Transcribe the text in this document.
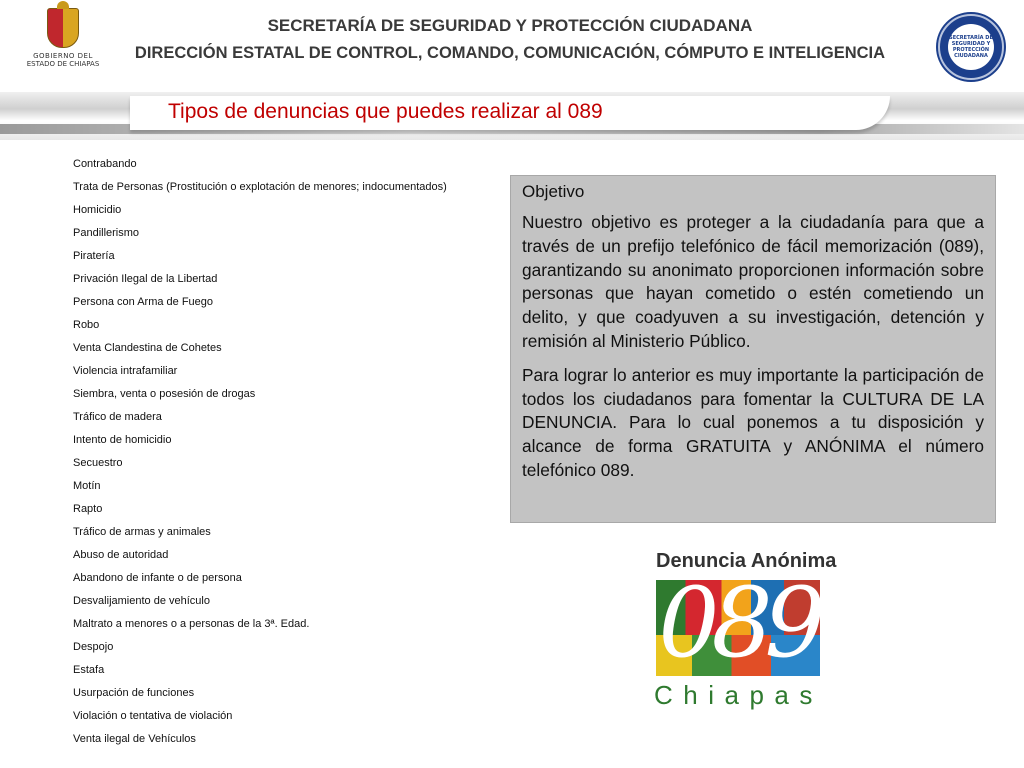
GOBIERNO DEL
ESTADO DE CHIAPAS
SECRETARÍA DE SEGURIDAD Y PROTECCIÓN CIUDADANA
DIRECCIÓN ESTATAL DE CONTROL, COMANDO, COMUNICACIÓN, CÓMPUTO E INTELIGENCIA
SECRETARÍA DE SEGURIDAD Y PROTECCIÓN CIUDADANA
Tipos de denuncias que puedes realizar al 089
Contrabando
Trata de Personas (Prostitución o explotación de menores; indocumentados)
Homicidio
Pandillerismo
Piratería
Privación Ilegal de la Libertad
Persona con Arma de Fuego
Robo
Venta Clandestina de Cohetes
Violencia intrafamiliar
Siembra, venta o posesión de drogas
Tráfico de madera
Intento de homicidio
Secuestro
Motín
Rapto
Tráfico de armas y animales
Abuso de autoridad
Abandono de infante o de persona
Desvalijamiento de vehículo
Maltrato a menores o a personas de la 3ª. Edad.
Despojo
Estafa
Usurpación de funciones
Violación o tentativa de violación
Venta ilegal de Vehículos
Objetivo

Nuestro objetivo es proteger a la ciudadanía para que a través de un prefijo telefónico de fácil memorización (089), garantizando su anonimato proporcionen información sobre personas que hayan cometido o estén cometiendo un delito, y que coadyuven a su investigación, detención y remisión al Ministerio Público.

Para lograr lo anterior es muy importante la participación de todos los ciudadanos para fomentar la CULTURA DE LA DENUNCIA. Para lo cual ponemos a tu disposición y alcance de forma GRATUITA y ANÓNIMA el número telefónico 089.

Denuncia Anónima
089
Chiapas
